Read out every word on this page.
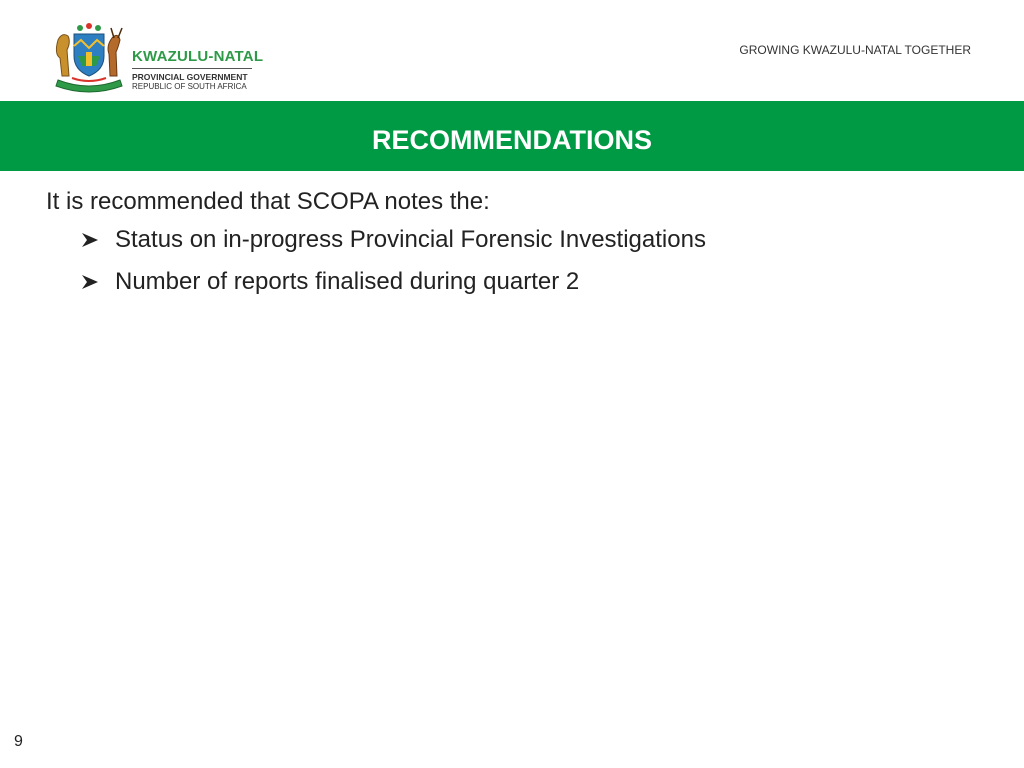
KWAZULU-NATAL
PROVINCIAL GOVERNMENT
REPUBLIC OF SOUTH AFRICA
GROWING KWAZULU-NATAL TOGETHER
RECOMMENDATIONS

It is recommended that SCOPA notes the:

Status on in-progress Provincial Forensic Investigations
Number of reports finalised during quarter 2
9
